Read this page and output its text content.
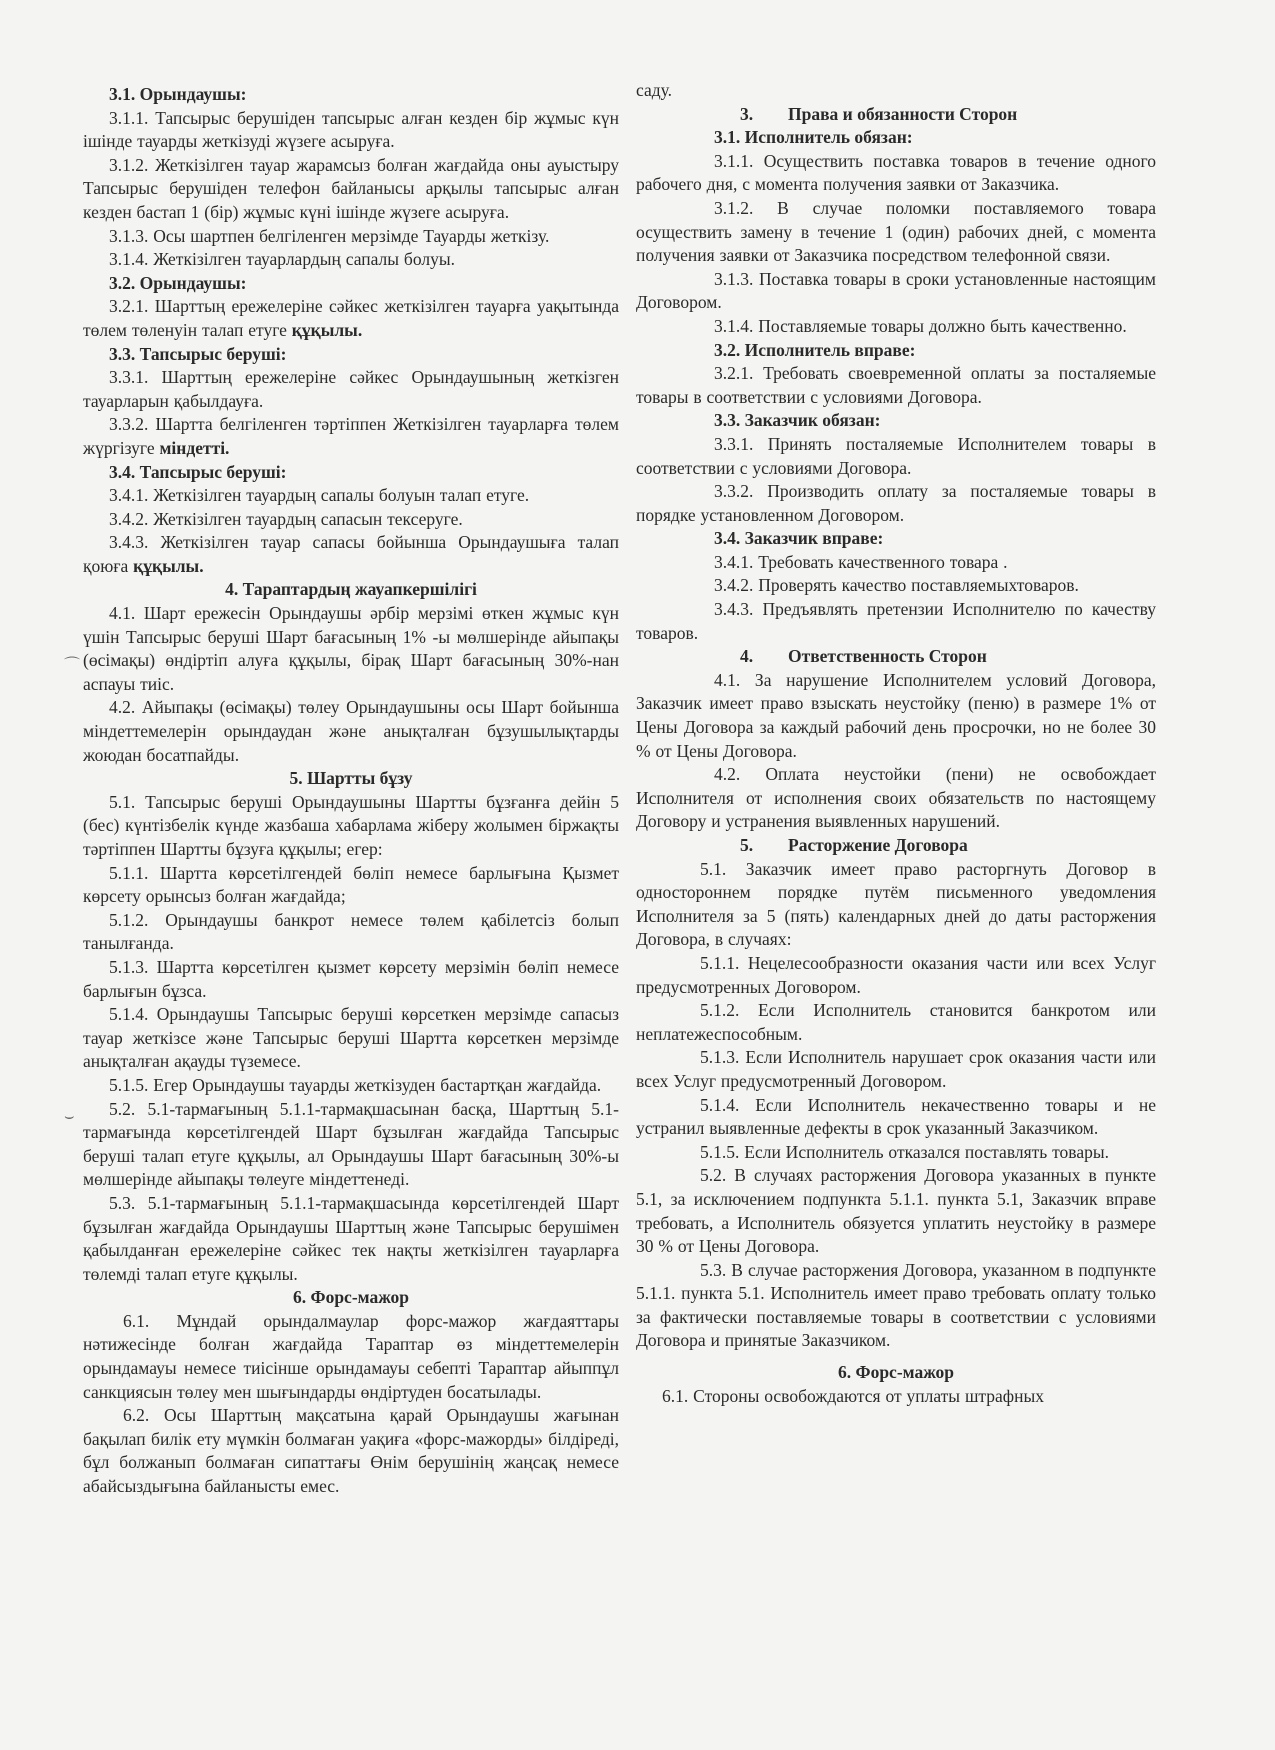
3.1. Орындаушы:

3.1.1. Тапсырыс берушіден тапсырыс алған кезден бір жұмыс күн ішінде тауарды жеткізуді жүзеге асыруға.

3.1.2. Жеткізілген тауар жарамсыз болған жағдайда оны ауыстыру Тапсырыс берушіден телефон байланысы арқылы тапсырыс алған кезден бастап 1 (бір) жұмыс күні ішінде жүзеге асыруға.

3.1.3. Осы шартпен белгіленген мерзімде Тауарды жеткізу.

3.1.4. Жеткізілген тауарлардың сапалы болуы.

3.2. Орындаушы:

3.2.1. Шарттың ережелеріне сәйкес жеткізілген тауарға уақытында төлем төленуін талап етуге құқылы.

3.3. Тапсырыс беруші:

3.3.1. Шарттың ережелеріне сәйкес Орындаушының жеткізген тауарларын қабылдауға.

3.3.2. Шартта белгіленген тәртіппен Жеткізілген тауарларға төлем жүргізуге міндетті.

3.4. Тапсырыс беруші:

3.4.1. Жеткізілген тауардың сапалы болуын талап етуге.

3.4.2. Жеткізілген тауардың сапасын тексеруге.

3.4.3. Жеткізілген тауар сапасы бойынша Орындаушыға талап қоюға құқылы.

4. Тараптардың жауапкершілігі

4.1. Шарт ережесін Орындаушы әрбір мерзімі өткен жұмыс күн үшін Тапсырыс беруші Шарт бағасының 1% -ы мөлшерінде айыпақы (өсімақы) өндіртіп алуға құқылы, бірақ Шарт бағасының 30%-нан аспауы тиіс.

4.2. Айыпақы (өсімақы) төлеу Орындаушыны осы Шарт бойынша міндеттемелерін орындаудан және анықталған бұзушылықтарды жоюдан босатпайды.

5. Шартты бұзу

5.1. Тапсырыс беруші Орындаушыны Шартты бұзғанға дейін 5 (бес) күнтізбелік күнде жазбаша хабарлама жіберу жолымен біржақты тәртіппен Шартты бұзуға құқылы; егер:

5.1.1. Шартта көрсетілгендей бөліп немесе барлығына Қызмет көрсету орынсыз болған жағдайда;

5.1.2. Орындаушы банкрот немесе төлем қабілетсіз болып танылғанда.

5.1.3. Шартта көрсетілген қызмет көрсету мерзімін бөліп немесе барлығын бұзса.

5.1.4. Орындаушы Тапсырыс беруші көрсеткен мерзімде сапасыз тауар жеткізсе және Тапсырыс беруші Шартта көрсеткен мерзімде анықталған ақауды түземесе.

5.1.5. Егер Орындаушы тауарды жеткізуден бастартқан жағдайда.

5.2. 5.1-тармағының 5.1.1-тармақшасынан басқа, Шарттың 5.1-тармағында көрсетілгендей Шарт бұзылған жағдайда Тапсырыс беруші талап етуге құқылы, ал Орындаушы Шарт бағасының 30%-ы мөлшерінде айыпақы төлеуге міндеттенеді.

5.3. 5.1-тармағының 5.1.1-тармақшасында көрсетілгендей Шарт бұзылған жағдайда Орындаушы Шарттың және Тапсырыс берушімен қабылданған ережелеріне сәйкес тек нақты жеткізілген тауарларға төлемді талап етуге құқылы.

6. Форс-мажор

6.1. Мұндай орындалмаулар форс-мажор жағдаяттары нәтижесінде болған жағдайда Тараптар өз міндеттемелерін орындамауы немесе тиісінше орындамауы себепті Тараптар айыппұл санкциясын төлеу мен шығындарды өндіртуден босатылады.

6.2. Осы Шарттың мақсатына қарай Орындаушы жағынан бақылап билік ету мүмкін болмаған уақиға «форс-мажорды» білдіреді, бұл болжанып болмаған сипаттағы Өнім берушінің жаңсақ немесе абайсыздығына байланысты емес.

саду.

3. Права и обязанности Сторон

3.1. Исполнитель обязан:

3.1.1. Осуществить поставка товаров в течение одного рабочего дня, с момента получения заявки от Заказчика.

3.1.2. В случае поломки поставляемого товара осуществить замену в течение 1 (один) рабочих дней, с момента получения заявки от Заказчика посредством телефонной связи.

3.1.3. Поставка товары в сроки установленные настоящим Договором.

3.1.4. Поставляемые товары должно быть качественно.

3.2. Исполнитель вправе:

3.2.1. Требовать своевременной оплаты за посталяемые товары в соответствии с условиями Договора.

3.3. Заказчик обязан:

3.3.1. Принять посталяемые Исполнителем товары в соответствии с условиями Договора.

3.3.2. Производить оплату за посталяемые товары в порядке установленном Договором.

3.4. Заказчик вправе:

3.4.1. Требовать качественного товара .

3.4.2. Проверять качество поставляемыхтоваров.

3.4.3. Предъявлять претензии Исполнителю по качеству товаров.

4. Ответственность Сторон

4.1. За нарушение Исполнителем условий Договора, Заказчик имеет право взыскать неустойку (пеню) в размере 1% от Цены Договора за каждый рабочий день просрочки, но не более 30 % от Цены Договора.

4.2. Оплата неустойки (пени) не освобождает Исполнителя от исполнения своих обязательств по настоящему Договору и устранения выявленных нарушений.

5. Расторжение Договора

5.1. Заказчик имеет право расторгнуть Договор в одностороннем порядке путём письменного уведомления Исполнителя за 5 (пять) календарных дней до даты расторжения Договора, в случаях:

5.1.1. Нецелесообразности оказания части или всех Услуг предусмотренных Договором.

5.1.2. Если Исполнитель становится банкротом или неплатежеспособным.

5.1.3. Если Исполнитель нарушает срок оказания части или всех Услуг предусмотренный Договором.

5.1.4. Если Исполнитель некачественно товары и не устранил выявленные дефекты в срок указанный Заказчиком.

5.1.5. Если Исполнитель отказался поставлять товары.

5.2. В случаях расторжения Договора указанных в пункте 5.1, за исключением подпункта 5.1.1. пункта 5.1, Заказчик вправе требовать, а Исполнитель обязуется уплатить неустойку в размере 30 % от Цены Договора.

5.3. В случае расторжения Договора, указанном в подпункте 5.1.1. пункта 5.1. Исполнитель имеет право требовать оплату только за фактически поставляемые товары в соответствии с условиями Договора и принятые Заказчиком.

6. Форс-мажор

6.1. Стороны освобождаются от уплаты штрафных

⌒
⌣
